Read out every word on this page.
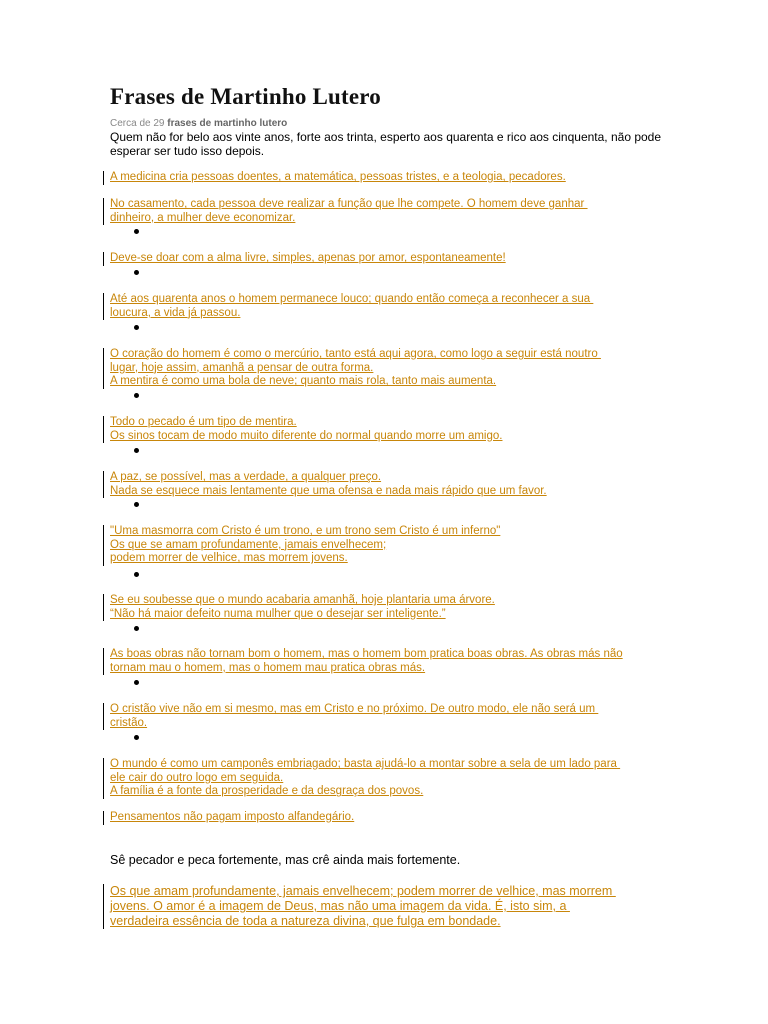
Frases de Martinho Lutero
Cerca de 29 frases de martinho lutero
Quem não for belo aos vinte anos, forte aos trinta, esperto aos quarenta e rico aos cinquenta, não pode esperar ser tudo isso depois.
A medicina cria pessoas doentes, a matemática, pessoas tristes, e a teologia, pecadores.
No casamento, cada pessoa deve realizar a função que lhe compete. O homem deve ganhar
dinheiro, a mulher deve economizar.
Deve-se doar com a alma livre, simples, apenas por amor, espontaneamente!
Até aos quarenta anos o homem permanece louco; quando então começa a reconhecer a sua
loucura, a vida já passou.
O coração do homem é como o mercúrio, tanto está aqui agora, como logo a seguir está noutro
lugar, hoje assim, amanhã a pensar de outra forma.
A mentira é como uma bola de neve; quanto mais rola, tanto mais aumenta.
Todo o pecado é um tipo de mentira.
Os sinos tocam de modo muito diferente do normal quando morre um amigo.
A paz, se possível, mas a verdade, a qualquer preço.
Nada se esquece mais lentamente que uma ofensa e nada mais rápido que um favor.
"Uma masmorra com Cristo é um trono, e um trono sem Cristo é um inferno"
Os que se amam profundamente, jamais envelhecem;
podem morrer de velhice, mas morrem jovens.
Se eu soubesse que o mundo acabaria amanhã, hoje plantaria uma árvore.
“Não há maior defeito numa mulher que o desejar ser inteligente.”
As boas obras não tornam bom o homem, mas o homem bom pratica boas obras. As obras más não
tornam mau o homem, mas o homem mau pratica obras más.
O cristão vive não em si mesmo, mas em Cristo e no próximo. De outro modo, ele não será um
cristão.
O mundo é como um camponês embriagado; basta ajudá-lo a montar sobre a sela de um lado para
ele cair do outro logo em seguida.
A família é a fonte da prosperidade e da desgraça dos povos.
Pensamentos não pagam imposto alfandegário.
Sê pecador e peca fortemente, mas crê ainda mais fortemente.
Os que amam profundamente, jamais envelhecem; podem morrer de velhice, mas morrem
jovens. O amor é a imagem de Deus, mas não uma imagem da vida. É, isto sim, a
verdadeira essência de toda a natureza divina, que fulga em bondade.
